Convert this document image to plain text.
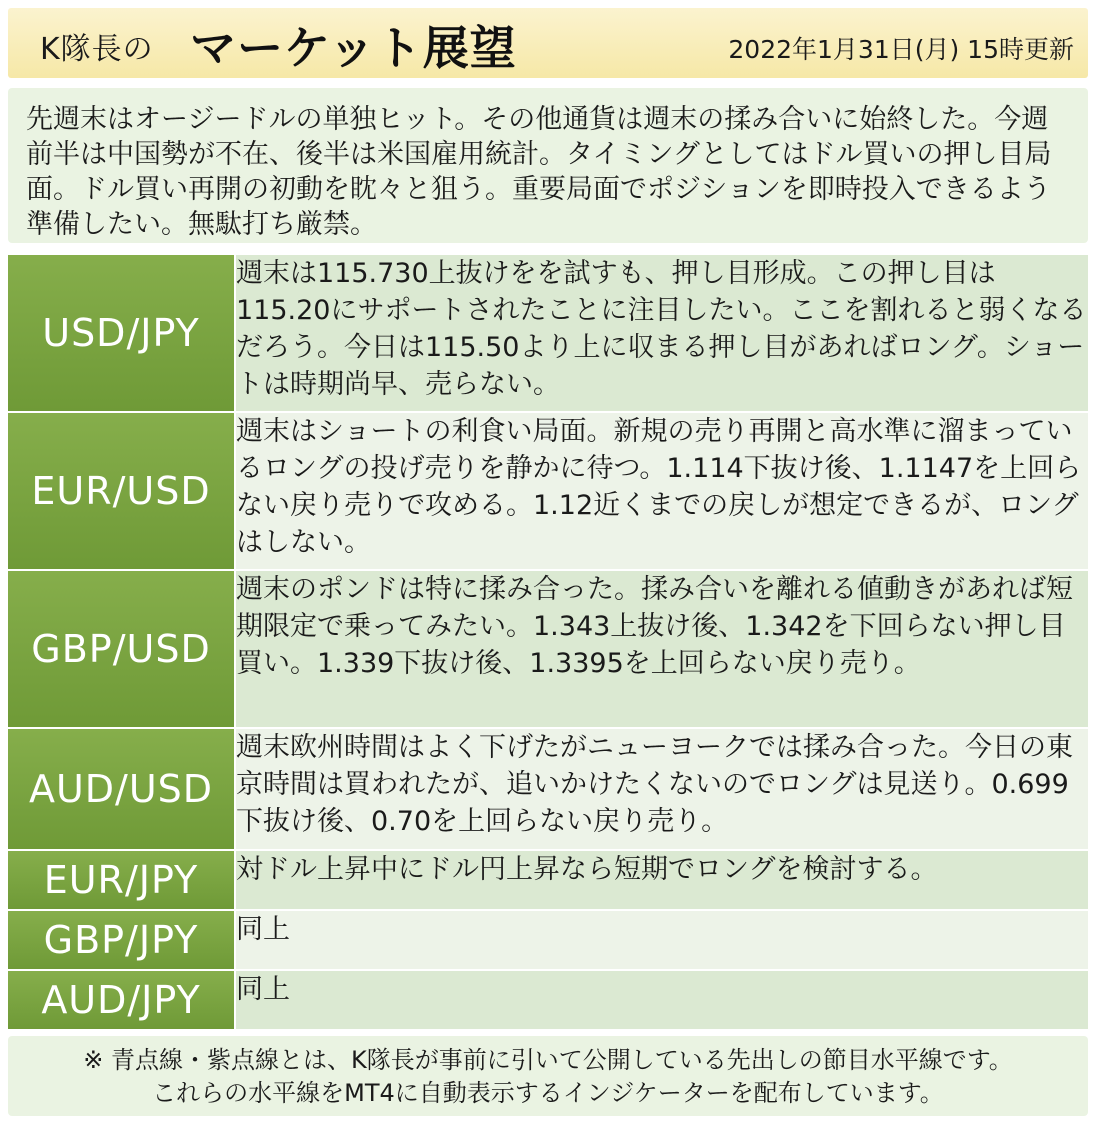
K隊長の マーケット展望	2022年1月31日(月) 15時更新
先週末はオージードルの単独ヒット。その他通貨は週末の揉み合いに始終した。今週前半は中国勢が不在、後半は米国雇用統計。タイミングとしてはドル買いの押し目局面。ドル買い再開の初動を眈々と狙う。重要局面でポジションを即時投入できるよう準備したい。無駄打ち厳禁。
USD/JPY	週末は115.730上抜けをを試すも、押し目形成。この押し目は115.20にサポートされたことに注目したい。ここを割れると弱くなるだろう。今日は115.50より上に収まる押し目があればロング。ショートは時期尚早、売らない。
EUR/USD	週末はショートの利食い局面。新規の売り再開と高水準に溜まっているロングの投げ売りを静かに待つ。1.114下抜け後、1.1147を上回らない戻り売りで攻める。1.12近くまでの戻しが想定できるが、ロングはしない。
GBP/USD	週末のポンドは特に揉み合った。揉み合いを離れる値動きがあれば短期限定で乗ってみたい。1.343上抜け後、1.342を下回らない押し目買い。1.339下抜け後、1.3395を上回らない戻り売り。
AUD/USD	週末欧州時間はよく下げたがニューヨークでは揉み合った。今日の東京時間は買われたが、追いかけたくないのでロングは見送り。0.699下抜け後、0.70を上回らない戻り売り。
EUR/JPY	対ドル上昇中にドル円上昇なら短期でロングを検討する。
GBP/JPY	同上
AUD/JPY	同上
※ 青点線・紫点線とは、K隊長が事前に引いて公開している先出しの節目水平線です。
これらの水平線をMT4に自動表示するインジケーターを配布しています。
